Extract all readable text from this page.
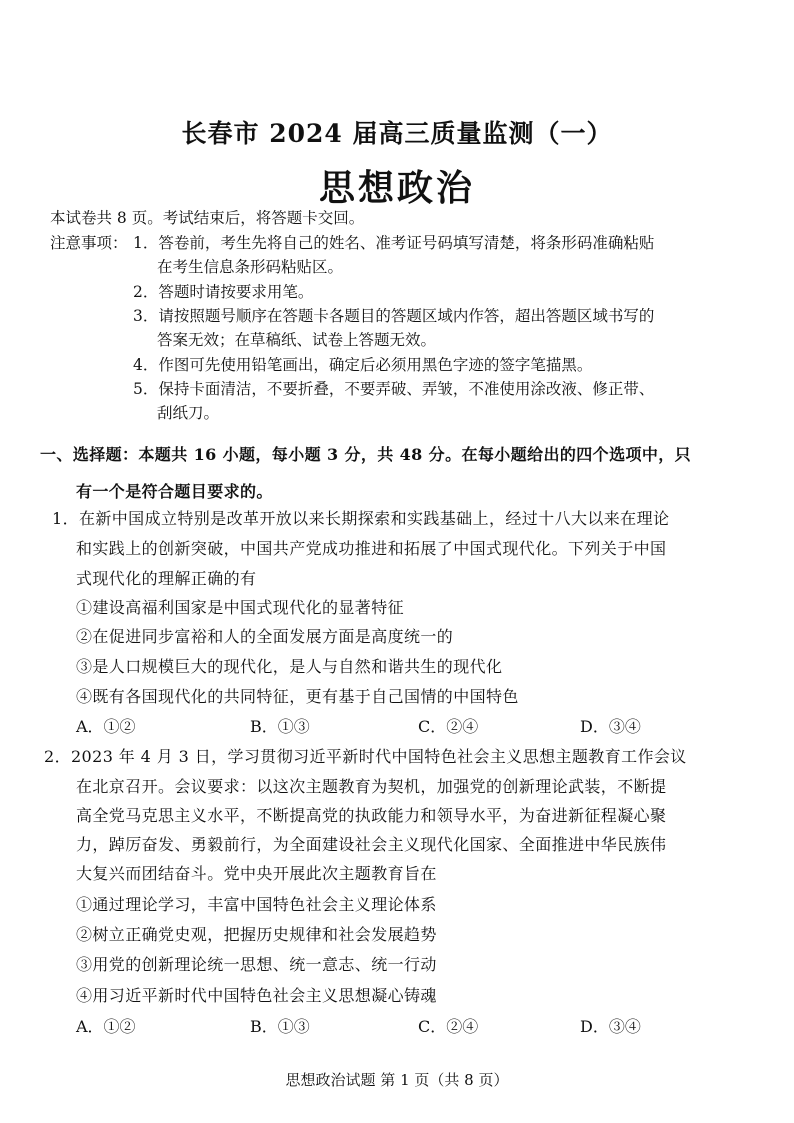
长春市 2024 届高三质量监测（一）
思想政治
本试卷共 8 页。考试结束后，将答题卡交回。
注意事项： 1．答卷前，考生先将自己的姓名、准考证号码填写清楚，将条形码准确粘贴
在考生信息条形码粘贴区。
2．答题时请按要求用笔。
3．请按照题号顺序在答题卡各题目的答题区域内作答，超出答题区域书写的
答案无效；在草稿纸、试卷上答题无效。
4．作图可先使用铅笔画出，确定后必须用黑色字迹的签字笔描黑。
5．保持卡面清洁，不要折叠，不要弄破、弄皱，不准使用涂改液、修正带、
刮纸刀。
一、选择题：本题共 16 小题，每小题 3 分，共 48 分。在每小题给出的四个选项中，只
有一个是符合题目要求的。
1．在新中国成立特别是改革开放以来长期探索和实践基础上，经过十八大以来在理论
和实践上的创新突破，中国共产党成功推进和拓展了中国式现代化。下列关于中国
式现代化的理解正确的有
①建设高福利国家是中国式现代化的显著特征
②在促进同步富裕和人的全面发展方面是高度统一的
③是人口规模巨大的现代化，是人与自然和谐共生的现代化
④既有各国现代化的共同特征，更有基于自己国情的中国特色
A．①②	B．①③	C．②④	D．③④
2．2023 年 4 月 3 日，学习贯彻习近平新时代中国特色社会主义思想主题教育工作会议
在北京召开。会议要求：以这次主题教育为契机，加强党的创新理论武装，不断提
高全党马克思主义水平，不断提高党的执政能力和领导水平，为奋进新征程凝心聚
力，踔厉奋发、勇毅前行，为全面建设社会主义现代化国家、全面推进中华民族伟
大复兴而团结奋斗。党中央开展此次主题教育旨在
①通过理论学习，丰富中国特色社会主义理论体系
②树立正确党史观，把握历史规律和社会发展趋势
③用党的创新理论统一思想、统一意志、统一行动
④用习近平新时代中国特色社会主义思想凝心铸魂
A．①②	B．①③	C．②④	D．③④
思想政治试题 第 1 页（共 8 页）
